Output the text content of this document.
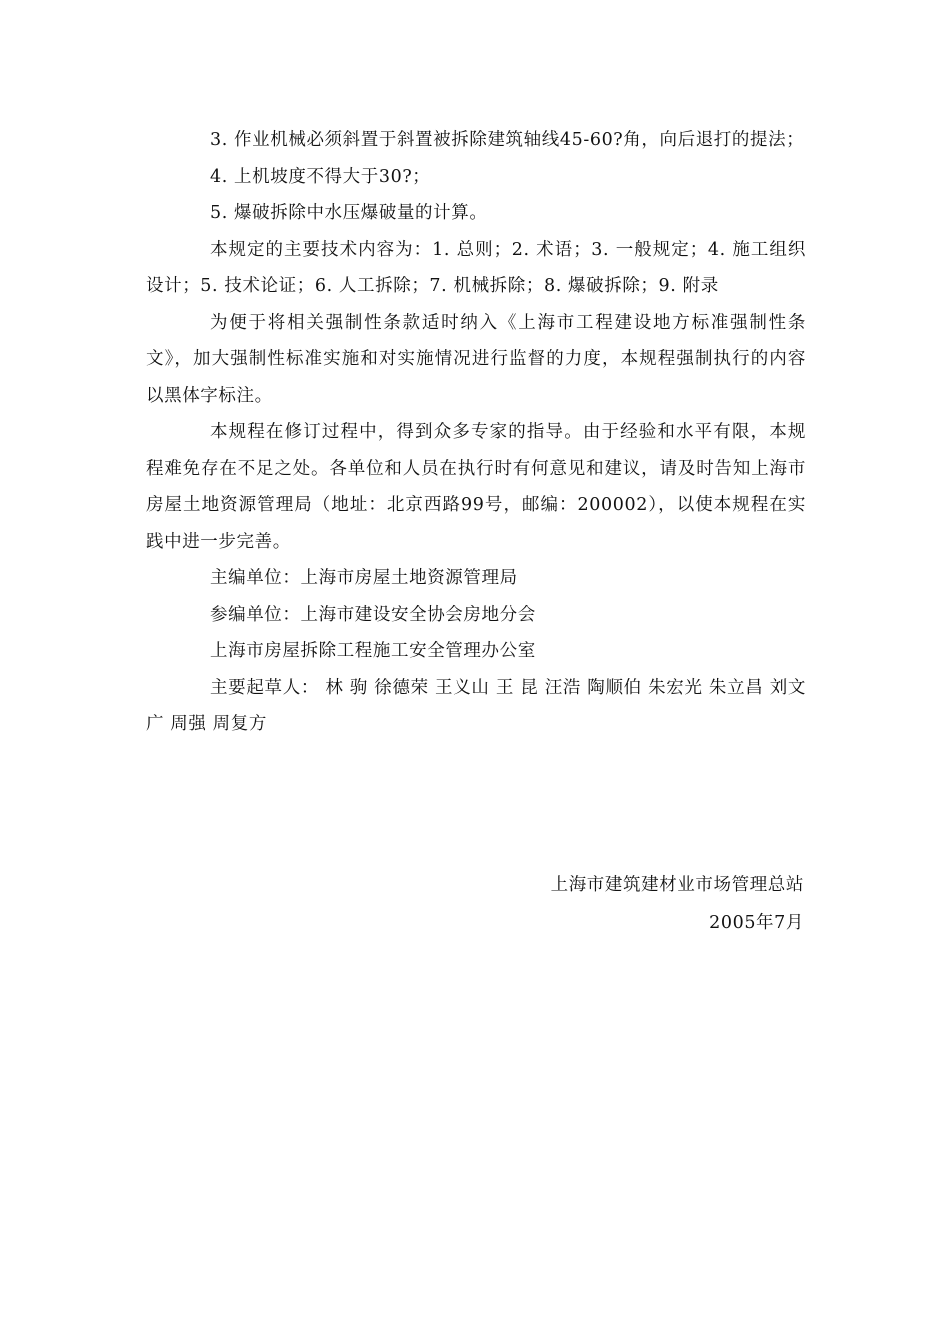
3. 作业机械必须斜置于斜置被拆除建筑轴线45-60?角，向后退打的提法；

4. 上机坡度不得大于30?；

5. 爆破拆除中水压爆破量的计算。

本规定的主要技术内容为：1. 总则；2. 术语；3. 一般规定；4. 施工组织设计；5. 技术论证；6. 人工拆除；7. 机械拆除；8. 爆破拆除；9. 附录

为便于将相关强制性条款适时纳入《上海市工程建设地方标准强制性条文》，加大强制性标准实施和对实施情况进行监督的力度，本规程强制执行的内容以黑体字标注。

本规程在修订过程中，得到众多专家的指导。由于经验和水平有限，本规程难免存在不足之处。各单位和人员在执行时有何意见和建议，请及时告知上海市房屋土地资源管理局（地址：北京西路99号，邮编：200002），以使本规程在实践中进一步完善。

主编单位：上海市房屋土地资源管理局

参编单位：上海市建设安全协会房地分会

上海市房屋拆除工程施工安全管理办公室

主要起草人： 林 驹 徐德荣 王义山 王 昆 汪浩 陶顺伯 朱宏光 朱立昌 刘文广 周强 周复方

上海市建筑建材业市场管理总站
2005年7月
